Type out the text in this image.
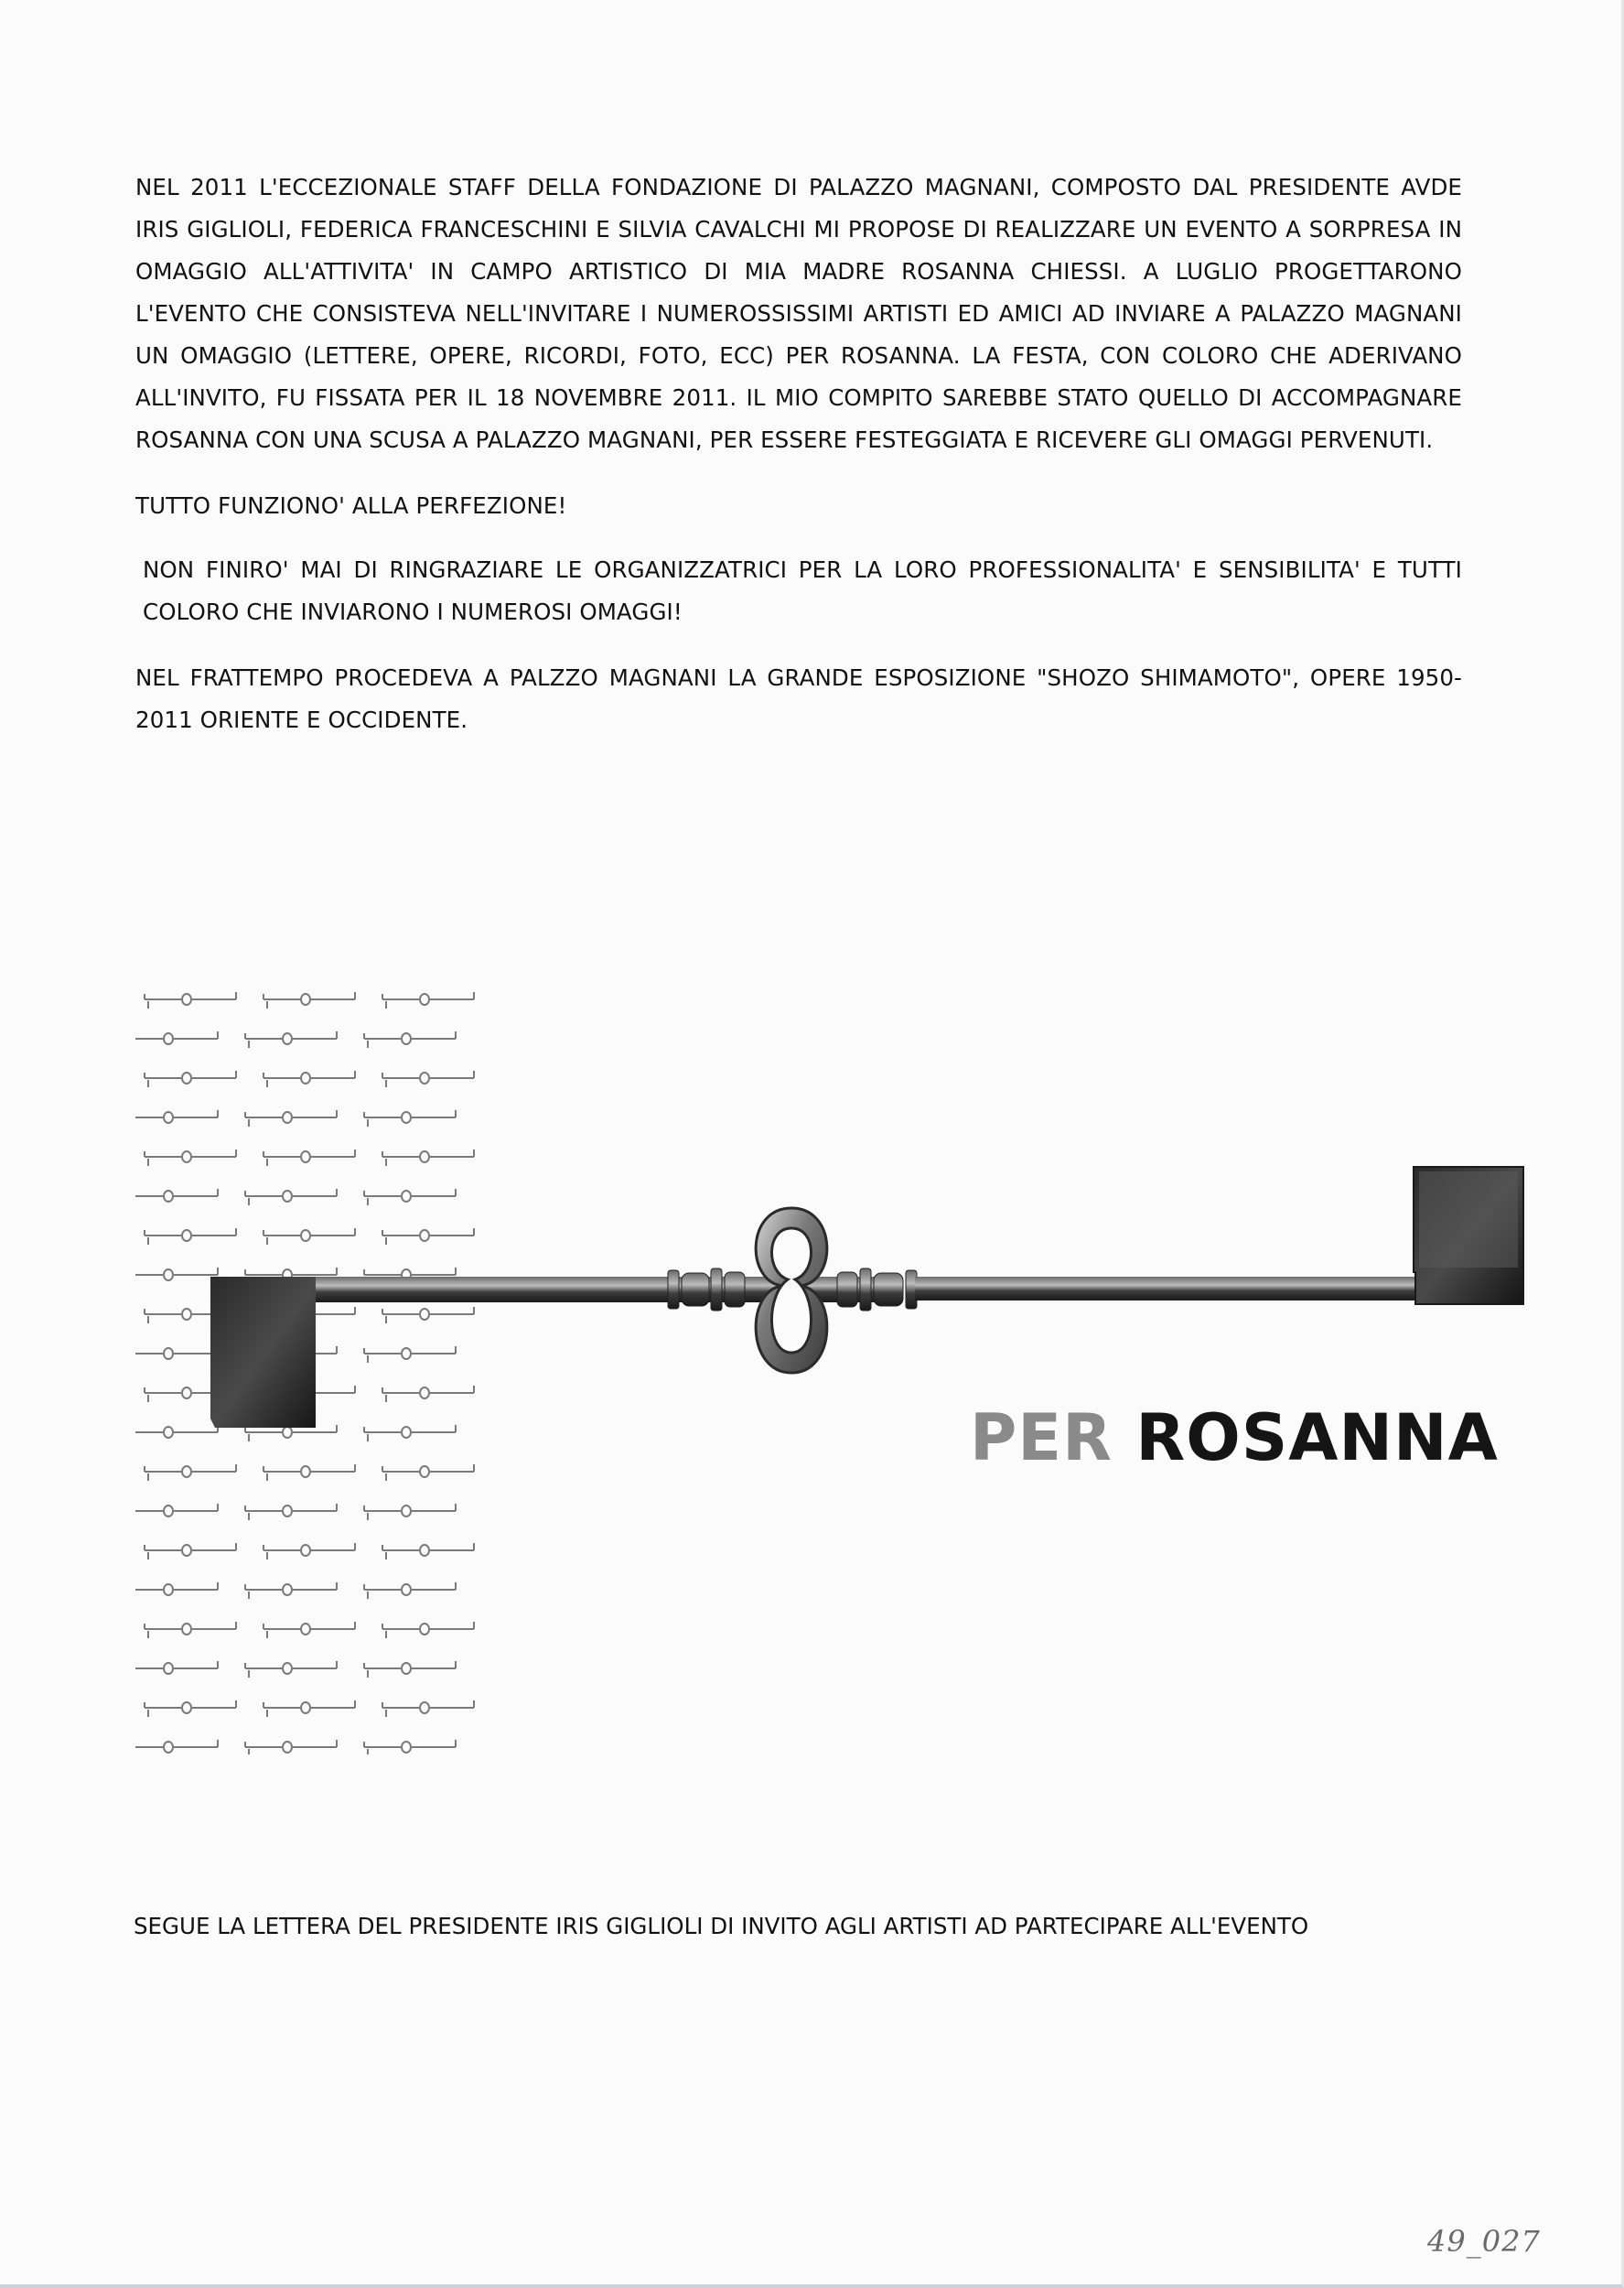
NEL 2011 L'ECCEZIONALE STAFF DELLA FONDAZIONE DI PALAZZO MAGNANI, COMPOSTO DAL PRESIDENTE AVDE IRIS GIGLIOLI, FEDERICA FRANCESCHINI E SILVIA CAVALCHI MI PROPOSE DI REALIZZARE UN EVENTO A SORPRESA IN OMAGGIO ALL'ATTIVITA' IN CAMPO ARTISTICO DI MIA MADRE ROSANNA CHIESSI. A LUGLIO PROGETTARONO L'EVENTO CHE CONSISTEVA NELL'INVITARE I NUMEROSSISSIMI ARTISTI ED AMICI AD INVIARE A PALAZZO MAGNANI UN OMAGGIO (LETTERE, OPERE, RICORDI, FOTO, ECC) PER ROSANNA. LA FESTA, CON COLORO CHE ADERIVANO ALL'INVITO, FU FISSATA PER IL 18 NOVEMBRE 2011. IL MIO COMPITO SAREBBE STATO QUELLO DI ACCOMPAGNARE ROSANNA CON UNA SCUSA A PALAZZO MAGNANI, PER ESSERE FESTEGGIATA E RICEVERE GLI OMAGGI PERVENUTI.

TUTTO FUNZIONO' ALLA PERFEZIONE!

NON FINIRO' MAI DI RINGRAZIARE LE ORGANIZZATRICI PER LA LORO PROFESSIONALITA' E SENSIBILITA' E TUTTI COLORO CHE INVIARONO I NUMEROSI OMAGGI!

NEL FRATTEMPO PROCEDEVA A PALZZO MAGNANI LA GRANDE ESPOSIZIONE "SHOZO SHIMAMOTO", OPERE 1950-2011 ORIENTE E OCCIDENTE.

PER ROSANNA
SEGUE LA LETTERA DEL PRESIDENTE IRIS GIGLIOLI DI INVITO AGLI ARTISTI AD PARTECIPARE ALL'EVENTO
49_027
